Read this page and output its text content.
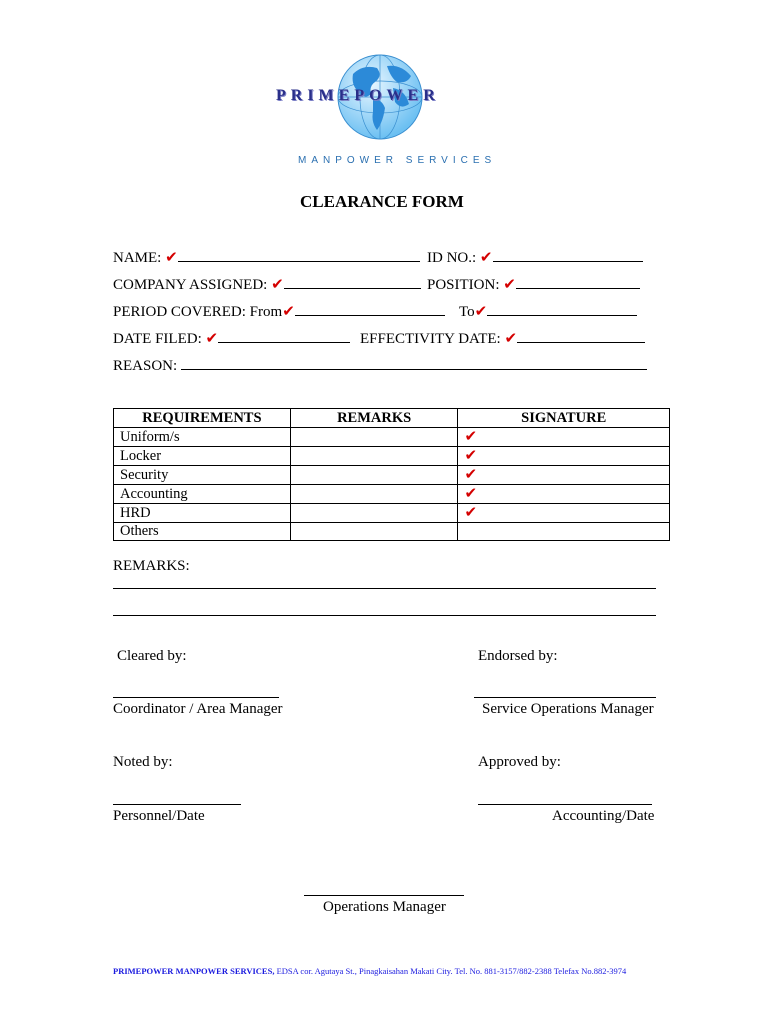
PRIMEPOWER
MANPOWER SERVICES
CLEARANCE FORM
NAME: ✔	ID NO.: ✔
COMPANY ASSIGNED: ✔	POSITION: ✔
PERIOD COVERED: From✔	To✔
DATE FILED: ✔	EFFECTIVITY DATE: ✔
REASON:
REQUIREMENTS	REMARKS	SIGNATURE
Uniform/s		✔
Locker		✔
Security		✔
Accounting		✔
HRD		✔
Others		
REMARKS:
Cleared by:	Endorsed by:
Coordinator / Area Manager	Service Operations Manager
Noted by:	Approved by:
Personnel/Date	Accounting/Date
Operations Manager
PRIMEPOWER MANPOWER SERVICES, EDSA cor. Agutaya St., Pinagkaisahan Makati City. Tel. No. 881-3157/882-2388 Telefax No.882-3974
